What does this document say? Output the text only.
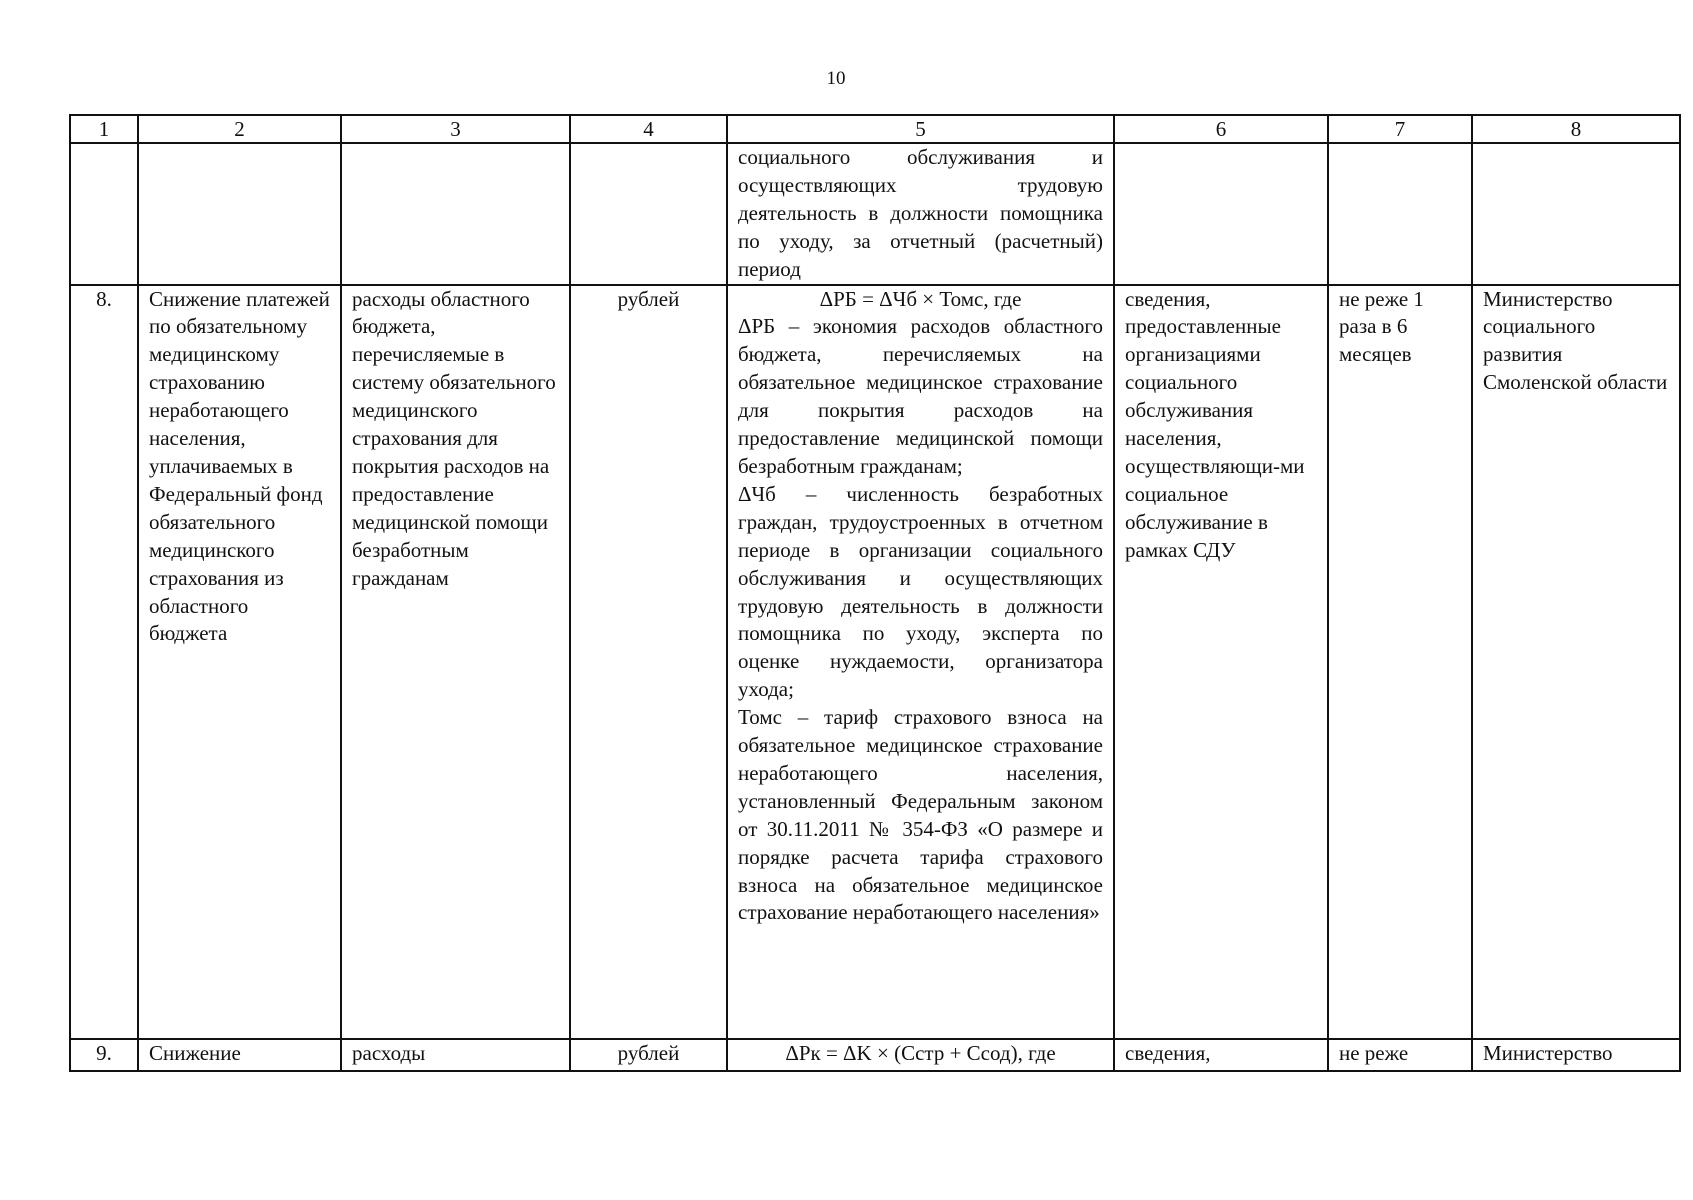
10
1	2	3	4	5	6	7	8
				социального обслуживания и осуществляющих трудовую деятельность в должности помощника по уходу, за отчетный (расчетный) период			
8.	Снижение платежей по обязательному медицинскому страхованию неработающего населения, уплачиваемых в Федеральный фонд обязательного медицинского страхования из областного бюджета	расходы областного бюджета, перечисляемые в систему обязательного медицинского страхования для покрытия расходов на предоставление медицинской помощи безработным гражданам	рублей	ΔРБ = ΔЧб × Томс, где
ΔРБ – экономия расходов областного бюджета, перечисляемых на обязательное медицинское страхование для покрытия расходов на предоставление медицинской помощи безработным гражданам;
ΔЧб – численность безработных граждан, трудоустроенных в отчетном периоде в организации социального обслуживания и осуществляющих трудовую деятельность в должности помощника по уходу, эксперта по оценке нуждаемости, организатора ухода;
Томс – тариф страхового взноса на обязательное медицинское страхование неработающего населения, установленный Федеральным законом от 30.11.2011 № 354-ФЗ «О размере и порядке расчета тарифа страхового взноса на обязательное медицинское страхование неработающего населения»	сведения, предоставленные организациями социального обслуживания населения, осуществляющи-ми социальное обслуживание в рамках СДУ	не реже 1 раза в 6 месяцев	Министерство социального развития Смоленской области
9.	Снижение	расходы	рублей	ΔРк = ΔK × (Cстр + Cсод), где	сведения,	не реже	Министерство
